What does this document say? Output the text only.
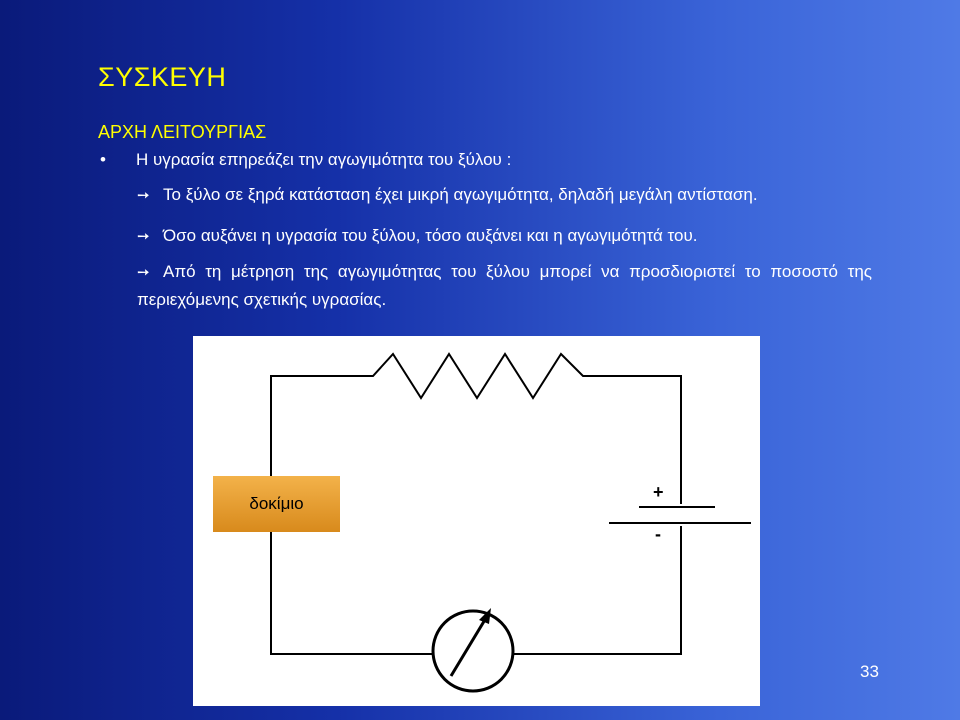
ΣΥΣΚΕΥΗ
ΑΡΧΗ ΛΕΙΤΟΥΡΓΙΑΣ
• Η υγρασία επηρεάζει την αγωγιμότητα του ξύλου :
➙ Το ξύλο σε ξηρά κατάσταση έχει μικρή αγωγιμότητα, δηλαδή μεγάλη αντίσταση.
➙ Όσο αυξάνει η υγρασία του ξύλου, τόσο αυξάνει και η αγωγιμότητά του.
➙ Από τη μέτρηση της αγωγιμότητας του ξύλου μπορεί να προσδιοριστεί το ποσοστό της περιεχόμενης σχετικής υγρασίας.
δοκίμιο
+
-
33
